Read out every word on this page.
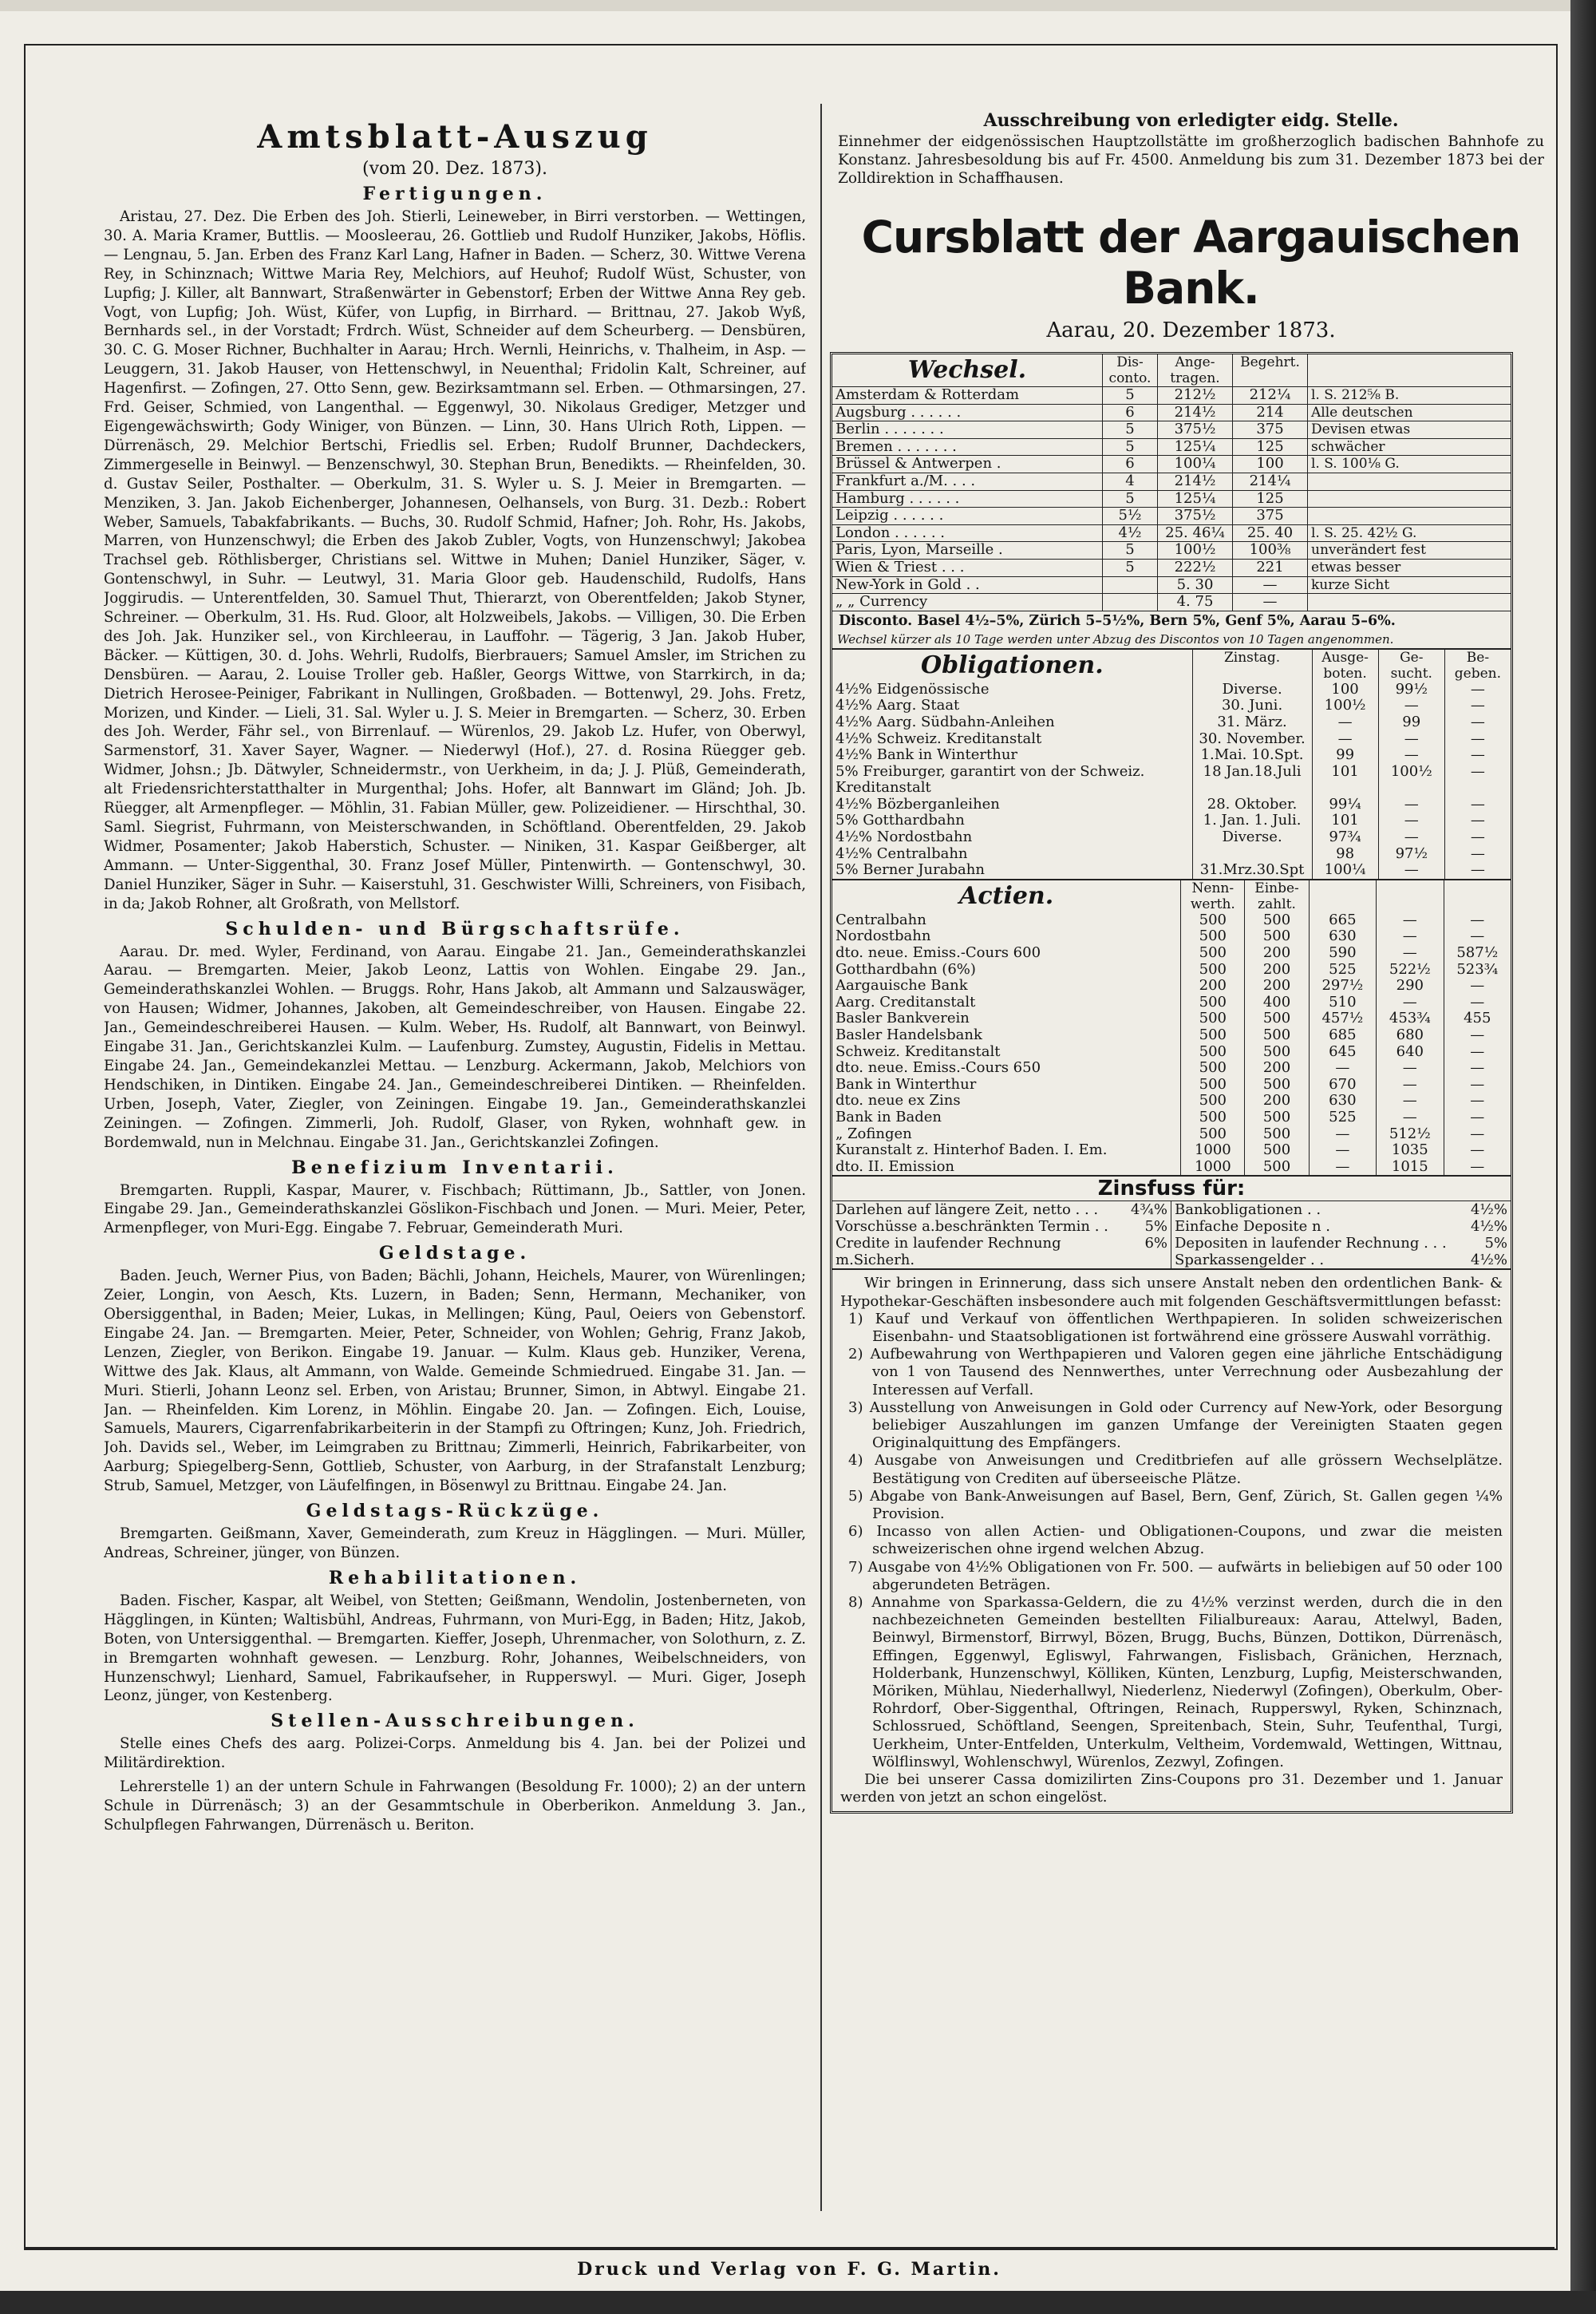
Amtsblatt-Auszug
(vom 20. Dez. 1873).
Fertigungen.

Aristau, 27. Dez. Die Erben des Joh. Stierli, Leineweber, in Birri verstorben. — Wettingen, 30. A. Maria Kramer, Buttlis. — Moosleerau, 26. Gottlieb und Rudolf Hunziker, Jakobs, Höflis. — Lengnau, 5. Jan. Erben des Franz Karl Lang, Hafner in Baden. — Scherz, 30. Wittwe Verena Rey, in Schinznach; Wittwe Maria Rey, Melchiors, auf Heuhof; Rudolf Wüst, Schuster, von Lupfig; J. Killer, alt Bannwart, Straßenwärter in Gebenstorf; Erben der Wittwe Anna Rey geb. Vogt, von Lupfig; Joh. Wüst, Küfer, von Lupfig, in Birrhard. — Brittnau, 27. Jakob Wyß, Bernhards sel., in der Vorstadt; Frdrch. Wüst, Schneider auf dem Scheurberg. — Densbüren, 30. C. G. Moser Richner, Buchhalter in Aarau; Hrch. Wernli, Heinrichs, v. Thalheim, in Asp. — Leuggern, 31. Jakob Hauser, von Hettenschwyl, in Neuenthal; Fridolin Kalt, Schreiner, auf Hagenfirst. — Zofingen, 27. Otto Senn, gew. Bezirksamtmann sel. Erben. — Othmarsingen, 27. Frd. Geiser, Schmied, von Langenthal. — Eggenwyl, 30. Nikolaus Grediger, Metzger und Eigengewächswirth; Gody Winiger, von Bünzen. — Linn, 30. Hans Ulrich Roth, Lippen. — Dürrenäsch, 29. Melchior Bertschi, Friedlis sel. Erben; Rudolf Brunner, Dachdeckers, Zimmergeselle in Beinwyl. — Benzenschwyl, 30. Stephan Brun, Benedikts. — Rheinfelden, 30. d. Gustav Seiler, Posthalter. — Oberkulm, 31. S. Wyler u. S. J. Meier in Bremgarten. — Menziken, 3. Jan. Jakob Eichenberger, Johannesen, Oelhansels, von Burg. 31. Dezb.: Robert Weber, Samuels, Tabakfabrikants. — Buchs, 30. Rudolf Schmid, Hafner; Joh. Rohr, Hs. Jakobs, Marren, von Hunzenschwyl; die Erben des Jakob Zubler, Vogts, von Hunzenschwyl; Jakobea Trachsel geb. Röthlisberger, Christians sel. Wittwe in Muhen; Daniel Hunziker, Säger, v. Gontenschwyl, in Suhr. — Leutwyl, 31. Maria Gloor geb. Haudenschild, Rudolfs, Hans Joggirudis. — Unterentfelden, 30. Samuel Thut, Thierarzt, von Oberentfelden; Jakob Styner, Schreiner. — Oberkulm, 31. Hs. Rud. Gloor, alt Holzweibels, Jakobs. — Villigen, 30. Die Erben des Joh. Jak. Hunziker sel., von Kirchleerau, in Lauffohr. — Tägerig, 3 Jan. Jakob Huber, Bäcker. — Küttigen, 30. d. Johs. Wehrli, Rudolfs, Bierbrauers; Samuel Amsler, im Strichen zu Densbüren. — Aarau, 2. Louise Troller geb. Haßler, Georgs Wittwe, von Starrkirch, in da; Dietrich Herosee-Peiniger, Fabrikant in Nullingen, Großbaden. — Bottenwyl, 29. Johs. Fretz, Morizen, und Kinder. — Lieli, 31. Sal. Wyler u. J. S. Meier in Bremgarten. — Scherz, 30. Erben des Joh. Werder, Fähr sel., von Birrenlauf. — Würenlos, 29. Jakob Lz. Hufer, von Oberwyl, Sarmenstorf, 31. Xaver Sayer, Wagner. — Niederwyl (Hof.), 27. d. Rosina Rüegger geb. Widmer, Johsn.; Jb. Dätwyler, Schneidermstr., von Uerkheim, in da; J. J. Plüß, Gemeinderath, alt Friedensrichterstatthalter in Murgenthal; Johs. Hofer, alt Bannwart im Gländ; Joh. Jb. Rüegger, alt Armenpfleger. — Möhlin, 31. Fabian Müller, gew. Polizeidiener. — Hirschthal, 30. Saml. Siegrist, Fuhrmann, von Meisterschwanden, in Schöftland. Oberentfelden, 29. Jakob Widmer, Posamenter; Jakob Haberstich, Schuster. — Niniken, 31. Kaspar Geißberger, alt Ammann. — Unter-Siggenthal, 30. Franz Josef Müller, Pintenwirth. — Gontenschwyl, 30. Daniel Hunziker, Säger in Suhr. — Kaiserstuhl, 31. Geschwister Willi, Schreiners, von Fisibach, in da; Jakob Rohner, alt Großrath, von Mellstorf.

Schulden- und Bürgschaftsrüfe.

Aarau. Dr. med. Wyler, Ferdinand, von Aarau. Eingabe 21. Jan., Gemeinderathskanzlei Aarau. — Bremgarten. Meier, Jakob Leonz, Lattis von Wohlen. Eingabe 29. Jan., Gemeinderathskanzlei Wohlen. — Bruggs. Rohr, Hans Jakob, alt Ammann und Salzauswäger, von Hausen; Widmer, Johannes, Jakoben, alt Gemeindeschreiber, von Hausen. Eingabe 22. Jan., Gemeindeschreiberei Hausen. — Kulm. Weber, Hs. Rudolf, alt Bannwart, von Beinwyl. Eingabe 31. Jan., Gerichtskanzlei Kulm. — Laufenburg. Zumstey, Augustin, Fidelis in Mettau. Eingabe 24. Jan., Gemeindekanzlei Mettau. — Lenzburg. Ackermann, Jakob, Melchiors von Hendschiken, in Dintiken. Eingabe 24. Jan., Gemeindeschreiberei Dintiken. — Rheinfelden. Urben, Joseph, Vater, Ziegler, von Zeiningen. Eingabe 19. Jan., Gemeinderathskanzlei Zeiningen. — Zofingen. Zimmerli, Joh. Rudolf, Glaser, von Ryken, wohnhaft gew. in Bordemwald, nun in Melchnau. Eingabe 31. Jan., Gerichtskanzlei Zofingen.

Benefizium Inventarii.

Bremgarten. Ruppli, Kaspar, Maurer, v. Fischbach; Rüttimann, Jb., Sattler, von Jonen. Eingabe 29. Jan., Gemeinderathskanzlei Göslikon-Fischbach und Jonen. — Muri. Meier, Peter, Armenpfleger, von Muri-Egg. Eingabe 7. Februar, Gemeinderath Muri.

Geldstage.

Baden. Jeuch, Werner Pius, von Baden; Bächli, Johann, Heichels, Maurer, von Würenlingen; Zeier, Longin, von Aesch, Kts. Luzern, in Baden; Senn, Hermann, Mechaniker, von Obersiggenthal, in Baden; Meier, Lukas, in Mellingen; Küng, Paul, Oeiers von Gebenstorf. Eingabe 24. Jan. — Bremgarten. Meier, Peter, Schneider, von Wohlen; Gehrig, Franz Jakob, Lenzen, Ziegler, von Berikon. Eingabe 19. Januar. — Kulm. Klaus geb. Hunziker, Verena, Wittwe des Jak. Klaus, alt Ammann, von Walde. Gemeinde Schmiedrued. Eingabe 31. Jan. — Muri. Stierli, Johann Leonz sel. Erben, von Aristau; Brunner, Simon, in Abtwyl. Eingabe 21. Jan. — Rheinfelden. Kim Lorenz, in Möhlin. Eingabe 20. Jan. — Zofingen. Eich, Louise, Samuels, Maurers, Cigarrenfabrikarbeiterin in der Stampfi zu Oftringen; Kunz, Joh. Friedrich, Joh. Davids sel., Weber, im Leimgraben zu Brittnau; Zimmerli, Heinrich, Fabrikarbeiter, von Aarburg; Spiegelberg-Senn, Gottlieb, Schuster, von Aarburg, in der Strafanstalt Lenzburg; Strub, Samuel, Metzger, von Läufelfingen, in Bösenwyl zu Brittnau. Eingabe 24. Jan.

Geldstags-Rückzüge.

Bremgarten. Geißmann, Xaver, Gemeinderath, zum Kreuz in Hägglingen. — Muri. Müller, Andreas, Schreiner, jünger, von Bünzen.

Rehabilitationen.

Baden. Fischer, Kaspar, alt Weibel, von Stetten; Geißmann, Wendolin, Jostenberneten, von Hägglingen, in Künten; Waltisbühl, Andreas, Fuhrmann, von Muri-Egg, in Baden; Hitz, Jakob, Boten, von Untersiggenthal. — Bremgarten. Kieffer, Joseph, Uhrenmacher, von Solothurn, z. Z. in Bremgarten wohnhaft gewesen. — Lenzburg. Rohr, Johannes, Weibelschneiders, von Hunzenschwyl; Lienhard, Samuel, Fabrikaufseher, in Rupperswyl. — Muri. Giger, Joseph Leonz, jünger, von Kestenberg.

Stellen-Ausschreibungen.

Stelle eines Chefs des aarg. Polizei-Corps. Anmeldung bis 4. Jan. bei der Polizei und Militärdirektion.

Lehrerstelle 1) an der untern Schule in Fahrwangen (Besoldung Fr. 1000); 2) an der untern Schule in Dürrenäsch; 3) an der Gesammtschule in Oberberikon. Anmeldung 3. Jan., Schulpflegen Fahrwangen, Dürrenäsch u. Beriton.

Ausschreibung von erledigter eidg. Stelle.
Einnehmer der eidgenössischen Hauptzollstätte im großherzoglich badischen Bahnhofe zu Konstanz. Jahresbesoldung bis auf Fr. 4500. Anmeldung bis zum 31. Dezember 1873 bei der Zolldirektion in Schaffhausen.
Cursblatt der Aargauischen Bank.
Aarau, 20. Dezember 1873.
Wechsel.	Dis-
conto.	Ange-
tragen.	Begehrt.	
Amsterdam & Rotterdam	5	212½	212¼	l. S. 212⅝ B.
Augsburg . . . . . .	6	214½	214	Alle deutschen
Berlin . . . . . . .	5	375½	375	Devisen etwas
Bremen . . . . . . .	5	125¼	125	schwächer
Brüssel & Antwerpen .	6	100¼	100	l. S. 100⅛ G.
Frankfurt a./M. . . .	4	214½	214¼	
Hamburg . . . . . .	5	125¼	125	
Leipzig . . . . . .	5½	375½	375	
London . . . . . .	4½	25. 46¼	25. 40	l. S. 25. 42½ G.
Paris, Lyon, Marseille .	5	100½	100⅜	unverändert fest
Wien & Triest . . .	5	222½	221	etwas besser
New-York in Gold . .		5. 30	—	kurze Sicht
„ „ Currency		4. 75	—	
Disconto. Basel 4½–5%, Zürich 5–5½%, Bern 5%, Genf 5%, Aarau 5–6%.
Wechsel kürzer als 10 Tage werden unter Abzug des Discontos von 10 Tagen angenommen.
Obligationen.	Zinstag.	Ausge-
boten.	Ge-
sucht.	Be-
geben.
4½% Eidgenössische	Diverse.	100	99½	—
4½% Aarg. Staat	30. Juni.	100½	—	—
4½% Aarg. Südbahn-Anleihen	31. März.	—	99	—
4½% Schweiz. Kreditanstalt	30. November.	—	—	—
4½% Bank in Winterthur	1.Mai. 10.Spt.	99	—	—
5% Freiburger, garantirt von der Schweiz. Kreditanstalt	18 Jan.18.Juli	101	100½	—
4½% Bözberganleihen	28. Oktober.	99¼	—	—
5% Gotthardbahn	1. Jan. 1. Juli.	101	—	—
4½% Nordostbahn	Diverse.	97¾	—	—
4½% Centralbahn		98	97½	—
5% Berner Jurabahn	31.Mrz.30.Spt	100¼	—	—
Actien.	Nenn-
werth.	Einbe-
zahlt.			
Centralbahn	500	500	665	—	—
Nordostbahn	500	500	630	—	—
dto. neue. Emiss.-Cours 600	500	200	590	—	587½
Gotthardbahn (6%)	500	200	525	522½	523¾
Aargauische Bank	200	200	297½	290	—
Aarg. Creditanstalt	500	400	510	—	—
Basler Bankverein	500	500	457½	453¾	455
Basler Handelsbank	500	500	685	680	—
Schweiz. Kreditanstalt	500	500	645	640	—
dto. neue. Emiss.-Cours 650	500	200	—	—	—
Bank in Winterthur	500	500	670	—	—
dto. neue ex Zins	500	200	630	—	—
Bank in Baden	500	500	525	—	—
„ Zofingen	500	500	—	512½	—
Kuranstalt z. Hinterhof Baden. I. Em.	1000	500	—	1035	—
dto. II. Emission	1000	500	—	1015	—
Zinsfuss für:
Darlehen auf längere Zeit, netto . . .	4¾%
Vorschüsse a.beschränkten Termin . .	5%
Credite in laufender Rechnung m.Sicherh.	6%
Bankobligationen . .	4½%
Einfache Deposite n .	4½%
Depositen in laufender Rechnung . . .	5%
Sparkassengelder . .	4½%

Wir bringen in Erinnerung, dass sich unsere Anstalt neben den ordentlichen Bank- & Hypothekar-Geschäften insbesondere auch mit folgenden Geschäftsvermittlungen befasst:

1) Kauf und Verkauf von öffentlichen Werthpapieren. In soliden schweizerischen Eisenbahn- und Staatsobligationen ist fortwährend eine grössere Auswahl vorräthig.

2) Aufbewahrung von Werthpapieren und Valoren gegen eine jährliche Entschädigung von 1 von Tausend des Nennwerthes, unter Verrechnung oder Ausbezahlung der Interessen auf Verfall.

3) Ausstellung von Anweisungen in Gold oder Currency auf New-York, oder Besorgung beliebiger Auszahlungen im ganzen Umfange der Vereinigten Staaten gegen Originalquittung des Empfängers.

4) Ausgabe von Anweisungen und Creditbriefen auf alle grössern Wechselplätze. Bestätigung von Crediten auf überseeische Plätze.

5) Abgabe von Bank-Anweisungen auf Basel, Bern, Genf, Zürich, St. Gallen gegen ¼% Provision.

6) Incasso von allen Actien- und Obligationen-Coupons, und zwar die meisten schweizerischen ohne irgend welchen Abzug.

7) Ausgabe von 4½% Obligationen von Fr. 500. — aufwärts in beliebigen auf 50 oder 100 abgerundeten Beträgen.

8) Annahme von Sparkassa-Geldern, die zu 4½% verzinst werden, durch die in den nachbezeichneten Gemeinden bestellten Filialbureaux: Aarau, Attelwyl, Baden, Beinwyl, Birmenstorf, Birrwyl, Bözen, Brugg, Buchs, Bünzen, Dottikon, Dürrenäsch, Effingen, Eggenwyl, Egliswyl, Fahrwangen, Fislisbach, Gränichen, Herznach, Holderbank, Hunzenschwyl, Kölliken, Künten, Lenzburg, Lupfig, Meisterschwanden, Möriken, Mühlau, Niederhallwyl, Niederlenz, Niederwyl (Zofingen), Oberkulm, Ober-Rohrdorf, Ober-Siggenthal, Oftringen, Reinach, Rupperswyl, Ryken, Schinznach, Schlossrued, Schöftland, Seengen, Spreitenbach, Stein, Suhr, Teufenthal, Turgi, Uerkheim, Unter-Entfelden, Unterkulm, Veltheim, Vordemwald, Wettingen, Wittnau, Wölflinswyl, Wohlenschwyl, Würenlos, Zezwyl, Zofingen.

Die bei unserer Cassa domizilirten Zins-Coupons pro 31. Dezember und 1. Januar werden von jetzt an schon eingelöst.

Druck und Verlag von F. G. Martin.
